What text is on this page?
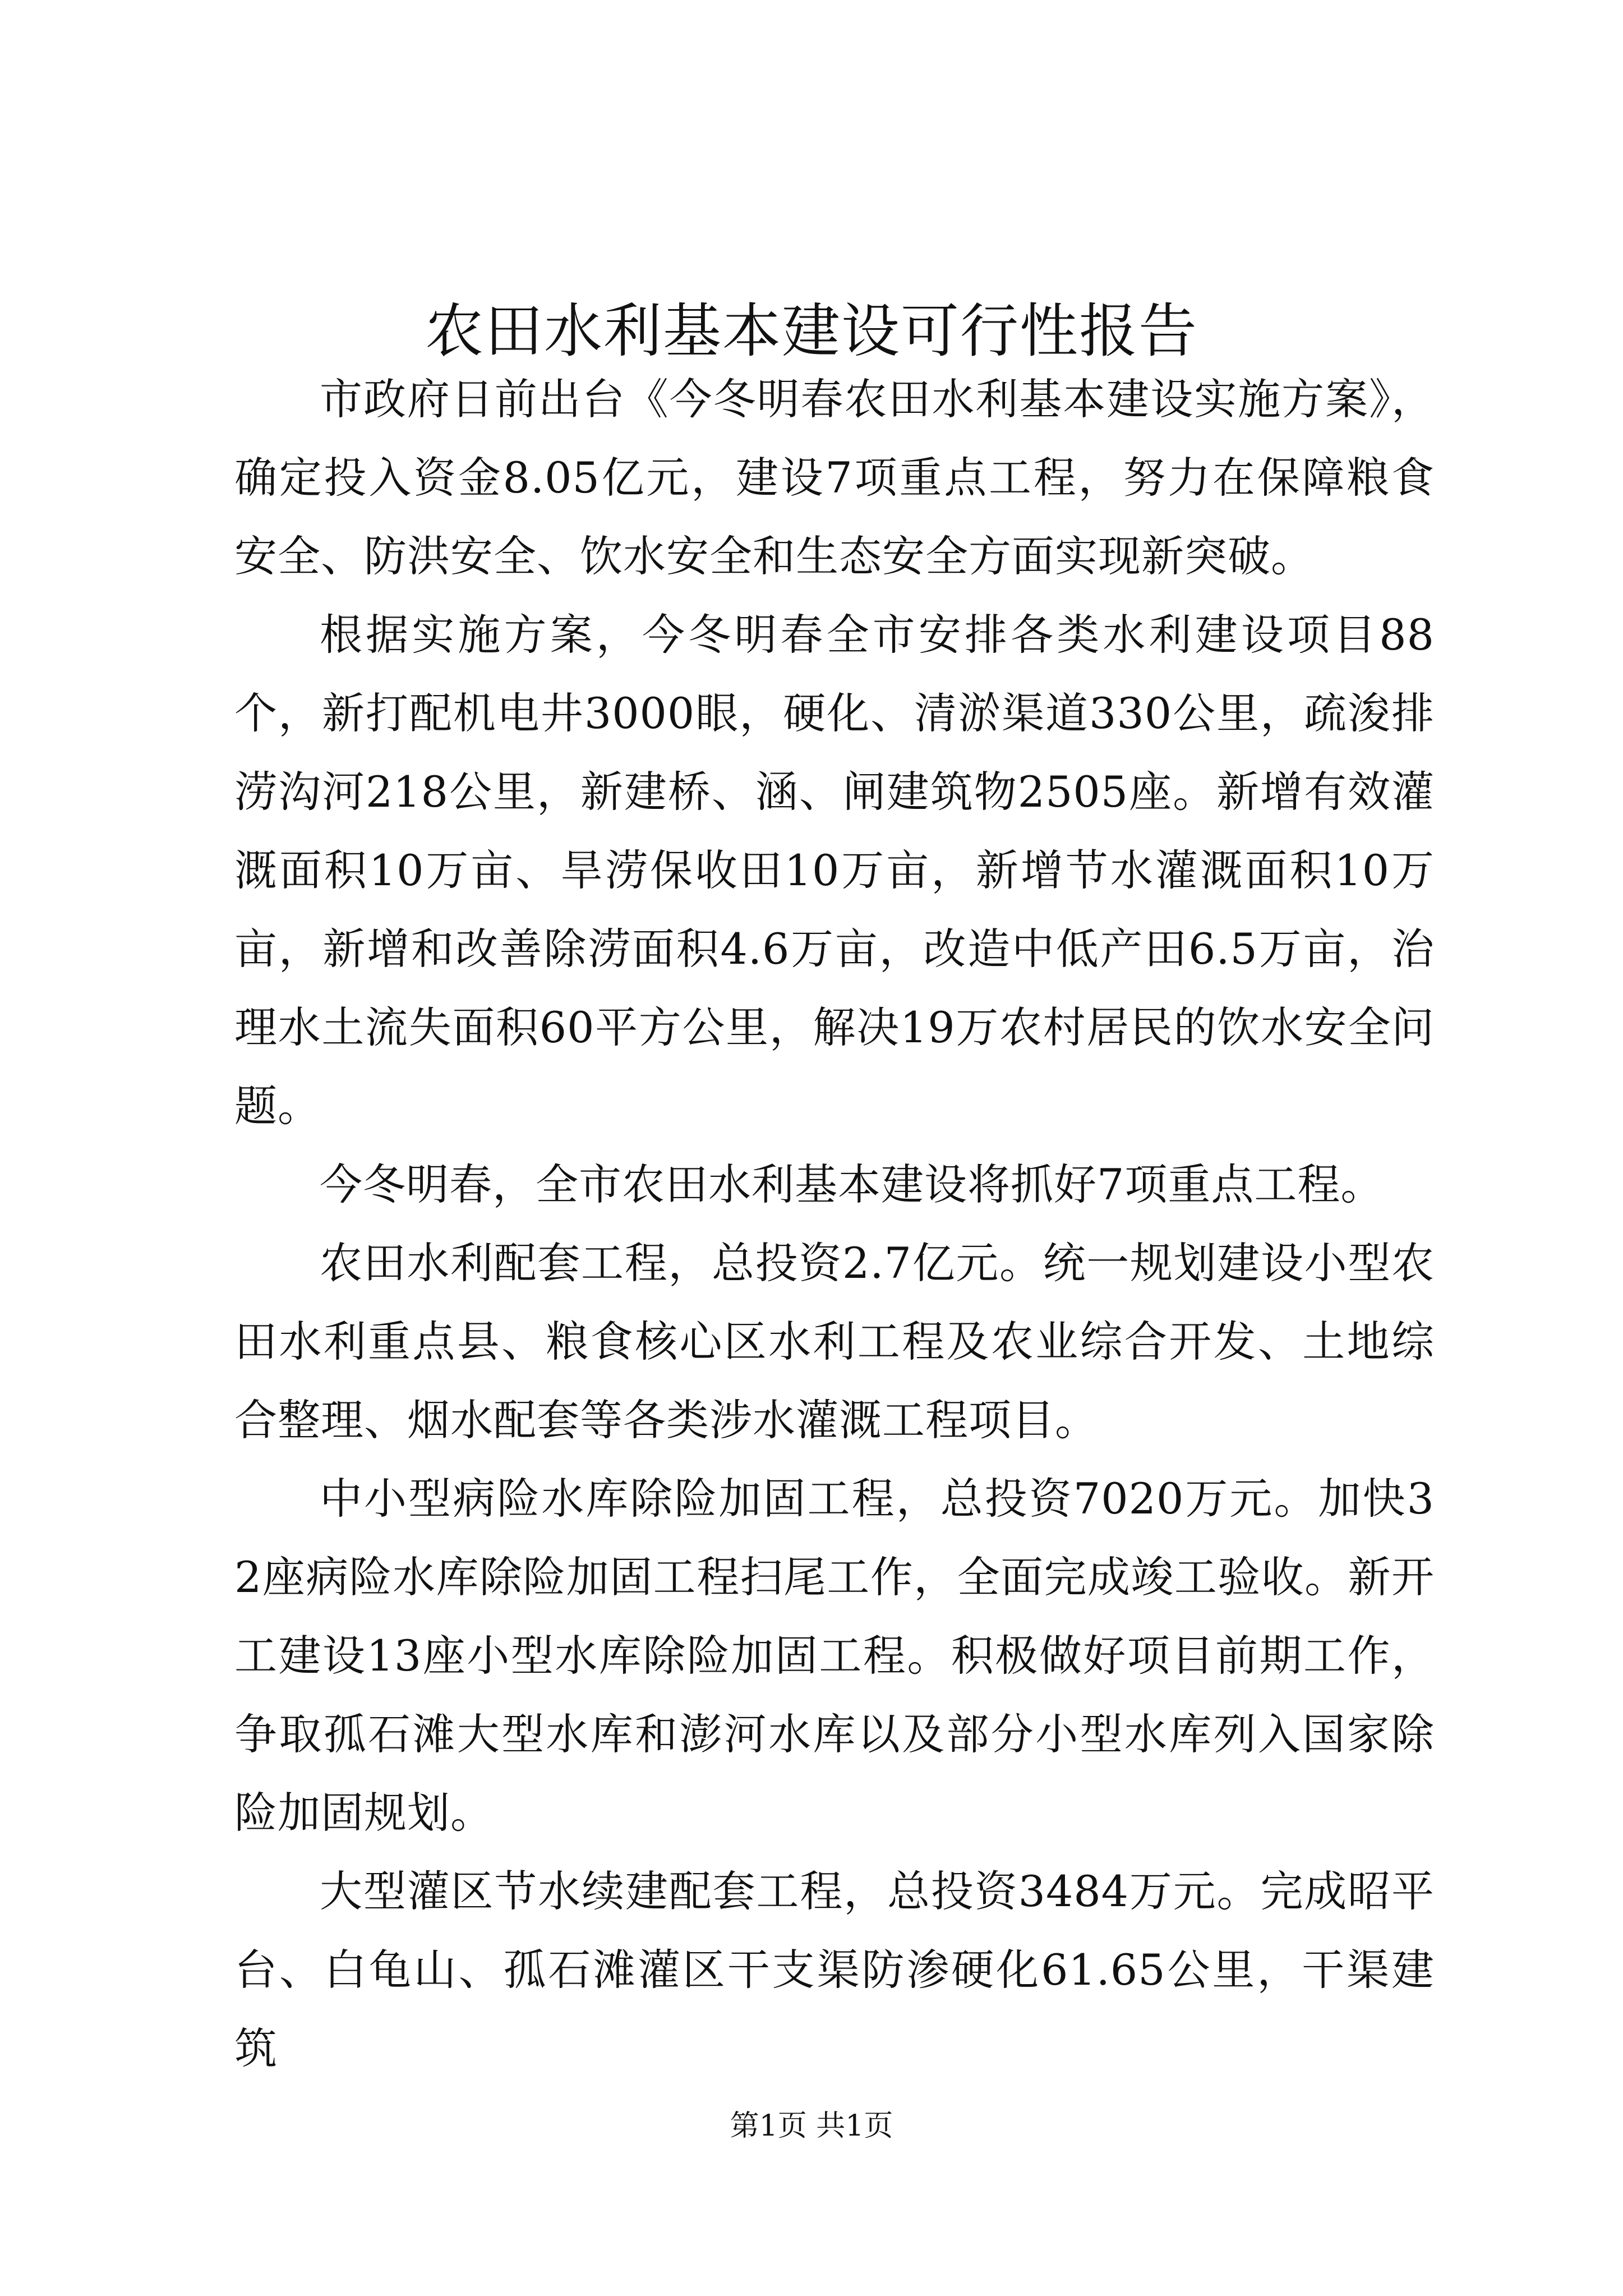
农田水利基本建设可行性报告

市政府日前出台《今冬明春农田水利基本建设实施方案》，确定投入资金8.05亿元，建设7项重点工程，努力在保障粮食安全、防洪安全、饮水安全和生态安全方面实现新突破。

根据实施方案，今冬明春全市安排各类水利建设项目88个，新打配机电井3000眼，硬化、清淤渠道330公里，疏浚排涝沟河218公里，新建桥、涵、闸建筑物2505座。新增有效灌溉面积10万亩、旱涝保收田10万亩，新增节水灌溉面积10万亩，新增和改善除涝面积4.6万亩，改造中低产田6.5万亩，治理水土流失面积60平方公里，解决19万农村居民的饮水安全问题。

今冬明春，全市农田水利基本建设将抓好7项重点工程。

农田水利配套工程，总投资2.7亿元。统一规划建设小型农田水利重点县、粮食核心区水利工程及农业综合开发、土地综合整理、烟水配套等各类涉水灌溉工程项目。

中小型病险水库除险加固工程，总投资7020万元。加快32座病险水库除险加固工程扫尾工作，全面完成竣工验收。新开工建设13座小型水库除险加固工程。积极做好项目前期工作，争取孤石滩大型水库和澎河水库以及部分小型水库列入国家除险加固规划。

大型灌区节水续建配套工程，总投资3484万元。完成昭平台、白龟山、孤石滩灌区干支渠防渗硬化61.65公里，干渠建筑

第1页 共1页
